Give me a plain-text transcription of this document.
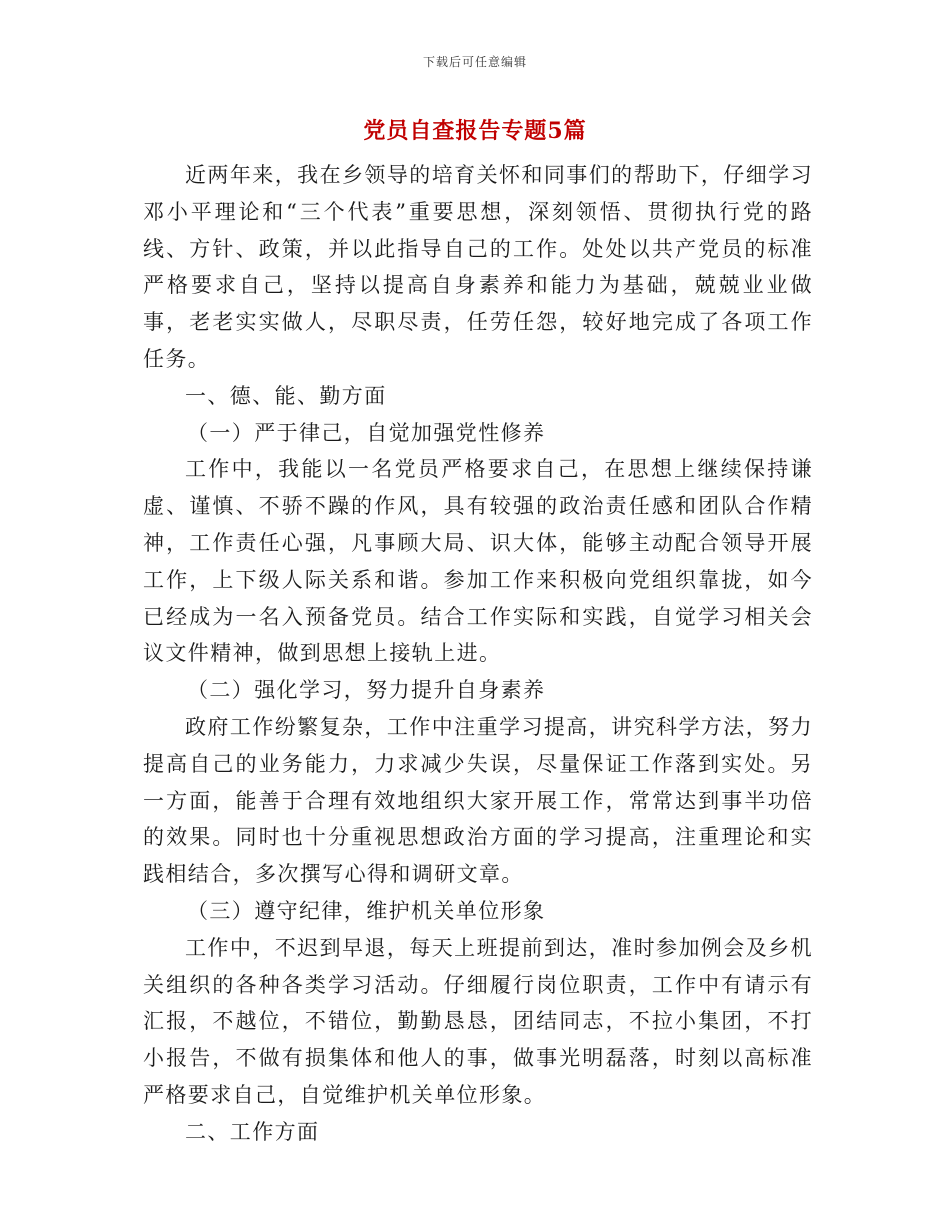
下载后可任意编辑
党员自查报告专题5篇

近两年来，我在乡领导的培育关怀和同事们的帮助下，仔细学习邓小平理论和“三个代表”重要思想，深刻领悟、贯彻执行党的路线、方针、政策，并以此指导自己的工作。处处以共产党员的标准严格要求自己，坚持以提高自身素养和能力为基础，兢兢业业做事，老老实实做人，尽职尽责，任劳任怨，较好地完成了各项工作任务。

一、德、能、勤方面

（一）严于律己，自觉加强党性修养

工作中，我能以一名党员严格要求自己，在思想上继续保持谦虚、谨慎、不骄不躁的作风，具有较强的政治责任感和团队合作精神，工作责任心强，凡事顾大局、识大体，能够主动配合领导开展工作，上下级人际关系和谐。参加工作来积极向党组织靠拢，如今已经成为一名入预备党员。结合工作实际和实践，自觉学习相关会议文件精神，做到思想上接轨上进。

（二）强化学习，努力提升自身素养

政府工作纷繁复杂，工作中注重学习提高，讲究科学方法，努力提高自己的业务能力，力求减少失误，尽量保证工作落到实处。另一方面，能善于合理有效地组织大家开展工作，常常达到事半功倍的效果。同时也十分重视思想政治方面的学习提高，注重理论和实践相结合，多次撰写心得和调研文章。

（三）遵守纪律，维护机关单位形象

工作中，不迟到早退，每天上班提前到达，准时参加例会及乡机关组织的各种各类学习活动。仔细履行岗位职责，工作中有请示有汇报，不越位，不错位，勤勤恳恳，团结同志，不拉小集团，不打小报告，不做有损集体和他人的事，做事光明磊落，时刻以高标准严格要求自己，自觉维护机关单位形象。

二、工作方面
